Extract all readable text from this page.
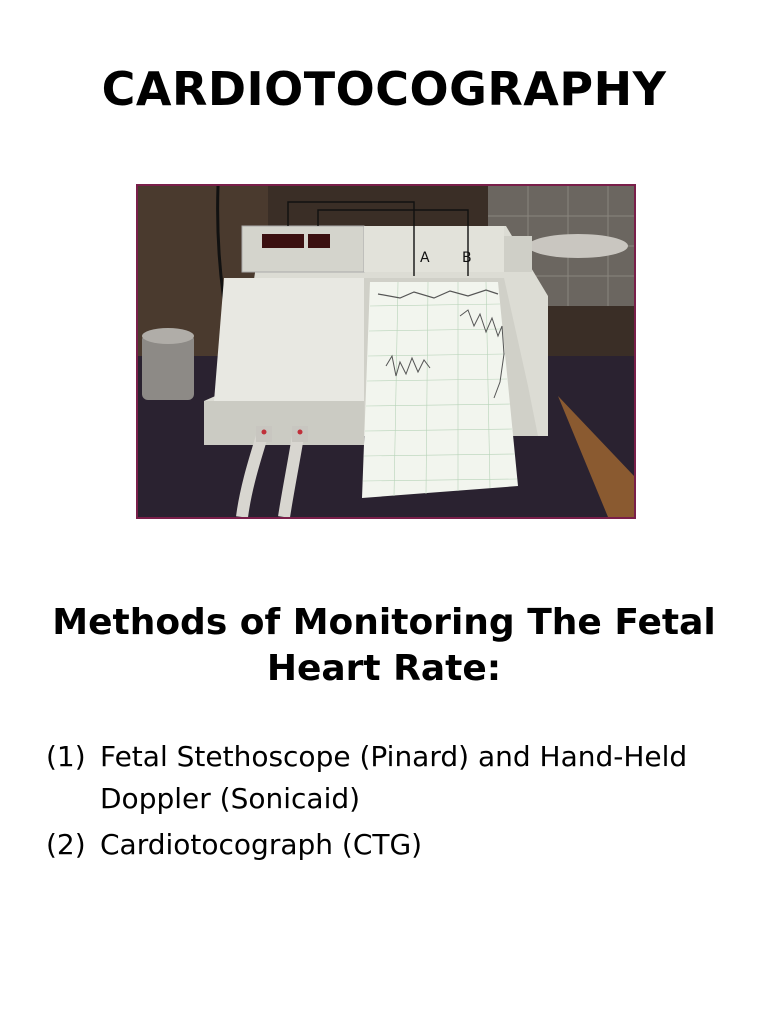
CARDIOTOCOGRAPHY
A B
Methods of Monitoring The Fetal Heart Rate:
(1) Fetal Stethoscope (Pinard) and Hand-Held Doppler (Sonicaid)
(2) Cardiotocograph (CTG)
